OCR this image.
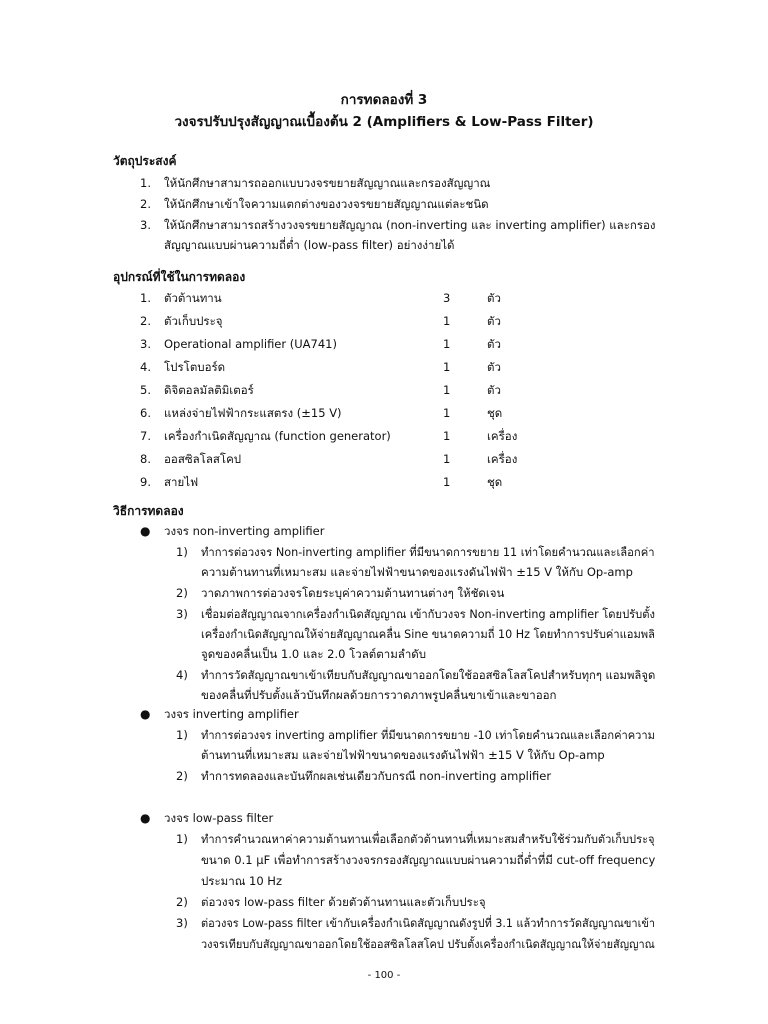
การทดลองที่ 3
วงจรปรับปรุงสัญญาณเบื้องต้น 2 (Amplifiers & Low-Pass Filter)
วัตถุประสงค์
1. ให้นักศึกษาสามารถออกแบบวงจรขยายสัญญาณและกรองสัญญาณ
2. ให้นักศึกษาเข้าใจความแตกต่างของวงจรขยายสัญญาณแต่ละชนิด
3. ให้นักศึกษาสามารถสร้างวงจรขยายสัญญาณ (non-inverting และ inverting amplifier) และกรอง
สัญญาณแบบผ่านความถี่ต่ำ (low-pass filter) อย่างง่ายได้
อุปกรณ์ที่ใช้ในการทดลอง
1. ตัวต้านทาน	3	ตัว
2. ตัวเก็บประจุ	1	ตัว
3. Operational amplifier (UA741)	1	ตัว
4. โปรโตบอร์ด	1	ตัว
5. ดิจิตอลมัลติมิเตอร์	1	ตัว
6. แหล่งจ่ายไฟฟ้ากระแสตรง (±15 V)	1	ชุด
7. เครื่องกำเนิดสัญญาณ (function generator)	1	เครื่อง
8. ออสซิลโลสโคป	1	เครื่อง
9. สายไฟ	1	ชุด
วิธีการทดลอง
● วงจร non-inverting amplifier
1) ทำการต่อวงจร Non-inverting amplifier ที่มีขนาดการขยาย 11 เท่าโดยคำนวณและเลือกค่า
ความต้านทานที่เหมาะสม และจ่ายไฟฟ้าขนาดของแรงดันไฟฟ้า ±15 V ให้กับ Op-amp
2) วาดภาพการต่อวงจรโดยระบุค่าความต้านทานต่างๆ ให้ชัดเจน
3) เชื่อมต่อสัญญาณจากเครื่องกำเนิดสัญญาณ เข้ากับวงจร Non-inverting amplifier โดยปรับตั้ง
เครื่องกำเนิดสัญญาณให้จ่ายสัญญาณคลื่น Sine ขนาดความถี่ 10 Hz โดยทำการปรับค่าแอมพลิ
จูดของคลื่นเป็น 1.0 และ 2.0 โวลต์ตามลำดับ
4) ทำการวัดสัญญาณขาเข้าเทียบกับสัญญาณขาออกโดยใช้ออสซิลโลสโคปสำหรับทุกๆ แอมพลิจูด
ของคลื่นที่ปรับตั้งแล้วบันทึกผลด้วยการวาดภาพรูปคลื่นขาเข้าและขาออก
● วงจร inverting amplifier
1) ทำการต่อวงจร inverting amplifier ที่มีขนาดการขยาย -10 เท่าโดยคำนวณและเลือกค่าความ
ต้านทานที่เหมาะสม และจ่ายไฟฟ้าขนาดของแรงดันไฟฟ้า ±15 V ให้กับ Op-amp
2) ทำการทดลองและบันทึกผลเช่นเดียวกับกรณี non-inverting amplifier
● วงจร low-pass filter
1) ทำการคำนวณหาค่าความต้านทานเพื่อเลือกตัวต้านทานที่เหมาะสมสำหรับใช้ร่วมกับตัวเก็บประจุ
ขนาด 0.1 µF เพื่อทำการสร้างวงจรกรองสัญญาณแบบผ่านความถี่ต่ำที่มี cut-off frequency
ประมาณ 10 Hz
2) ต่อวงจร low-pass filter ด้วยตัวต้านทานและตัวเก็บประจุ
3) ต่อวงจร Low-pass filter เข้ากับเครื่องกำเนิดสัญญาณดังรูปที่ 3.1 แล้วทำการวัดสัญญาณขาเข้า
วงจรเทียบกับสัญญาณขาออกโดยใช้ออสซิลโลสโคป ปรับตั้งเครื่องกำเนิดสัญญาณให้จ่ายสัญญาณ
- 100 -
